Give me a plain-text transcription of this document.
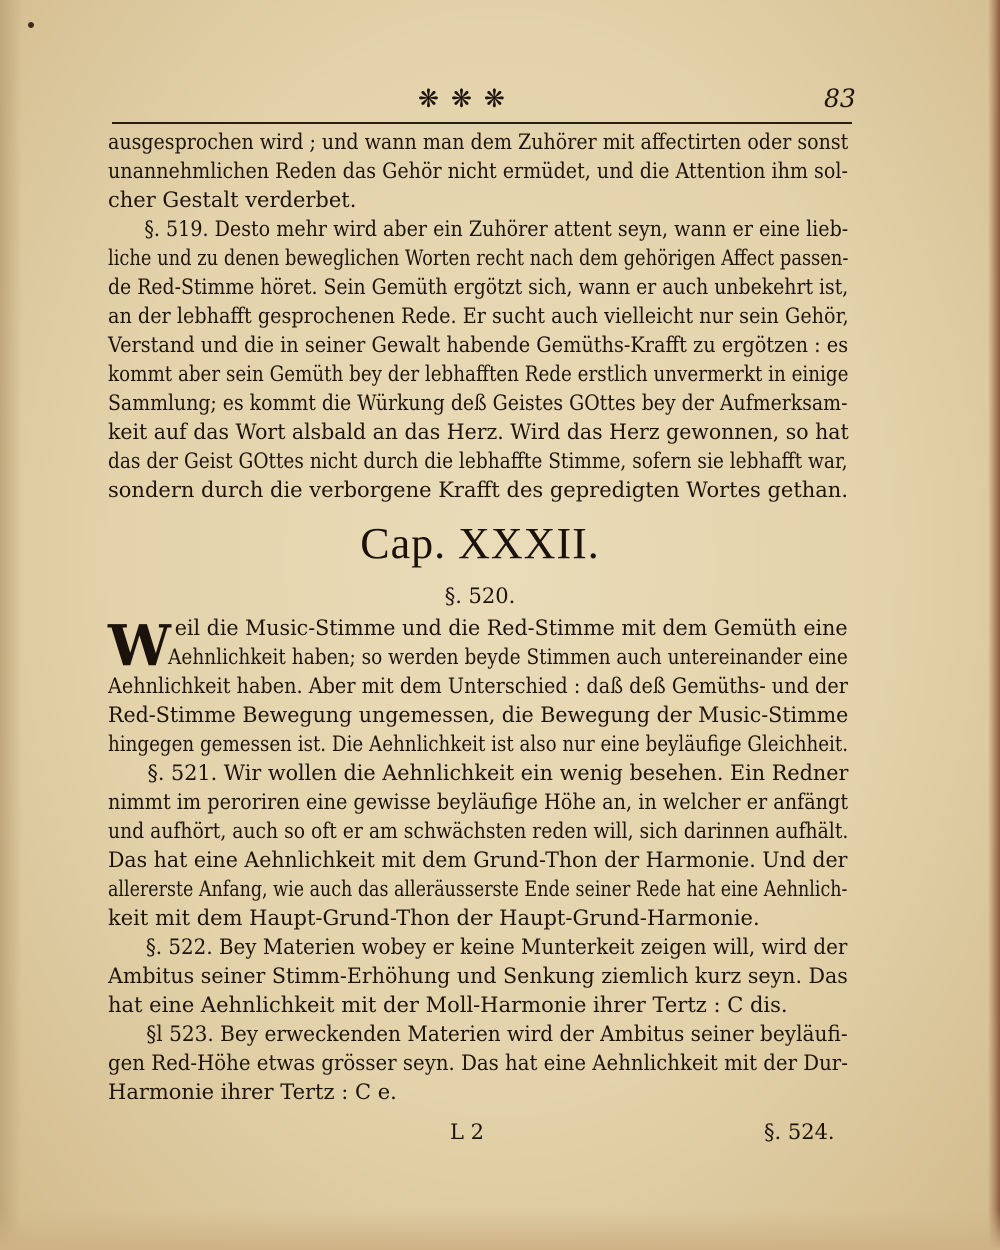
❋❋❋	83
ausgesprochen wird ; und wann man dem Zuhörer mit affectirten oder sonst
unannehmlichen Reden das Gehör nicht ermüdet, und die Attention ihm sol-
cher Gestalt verderbet.
§. 519. Desto mehr wird aber ein Zuhörer attent seyn, wann er eine lieb-
liche und zu denen beweglichen Worten recht nach dem gehörigen Affect passen-
de Red-Stimme höret. Sein Gemüth ergötzt sich, wann er auch unbekehrt ist,
an der lebhafft gesprochenen Rede. Er sucht auch vielleicht nur sein Gehör,
Verstand und die in seiner Gewalt habende Gemüths-Krafft zu ergötzen : es
kommt aber sein Gemüth bey der lebhafften Rede erstlich unvermerkt in einige
Sammlung; es kommt die Würkung deß Geistes GOttes bey der Aufmerksam-
keit auf das Wort alsbald an das Herz. Wird das Herz gewonnen, so hat
das der Geist GOttes nicht durch die lebhaffte Stimme, sofern sie lebhafft war,
sondern durch die verborgene Krafft des gepredigten Wortes gethan.
Cap. XXXII.
§. 520.
W eil die Music-Stimme und die Red-Stimme mit dem Gemüth eine
Aehnlichkeit haben; so werden beyde Stimmen auch untereinander eine
Aehnlichkeit haben. Aber mit dem Unterschied : daß deß Gemüths- und der
Red-Stimme Bewegung ungemessen, die Bewegung der Music-Stimme
hingegen gemessen ist. Die Aehnlichkeit ist also nur eine beyläufige Gleichheit.
§. 521. Wir wollen die Aehnlichkeit ein wenig besehen. Ein Redner
nimmt im peroriren eine gewisse beyläufige Höhe an, in welcher er anfängt
und aufhört, auch so oft er am schwächsten reden will, sich darinnen aufhält.
Das hat eine Aehnlichkeit mit dem Grund-Thon der Harmonie. Und der
allererste Anfang, wie auch das alleräusserste Ende seiner Rede hat eine Aehnlich-
keit mit dem Haupt-Grund-Thon der Haupt-Grund-Harmonie.
§. 522. Bey Materien wobey er keine Munterkeit zeigen will, wird der
Ambitus seiner Stimm-Erhöhung und Senkung ziemlich kurz seyn. Das
hat eine Aehnlichkeit mit der Moll-Harmonie ihrer Tertz : C dis.
§l 523. Bey erweckenden Materien wird der Ambitus seiner beyläufi-
gen Red-Höhe etwas grösser seyn. Das hat eine Aehnlichkeit mit der Dur-
Harmonie ihrer Tertz : C e.
L 2	§. 524.
